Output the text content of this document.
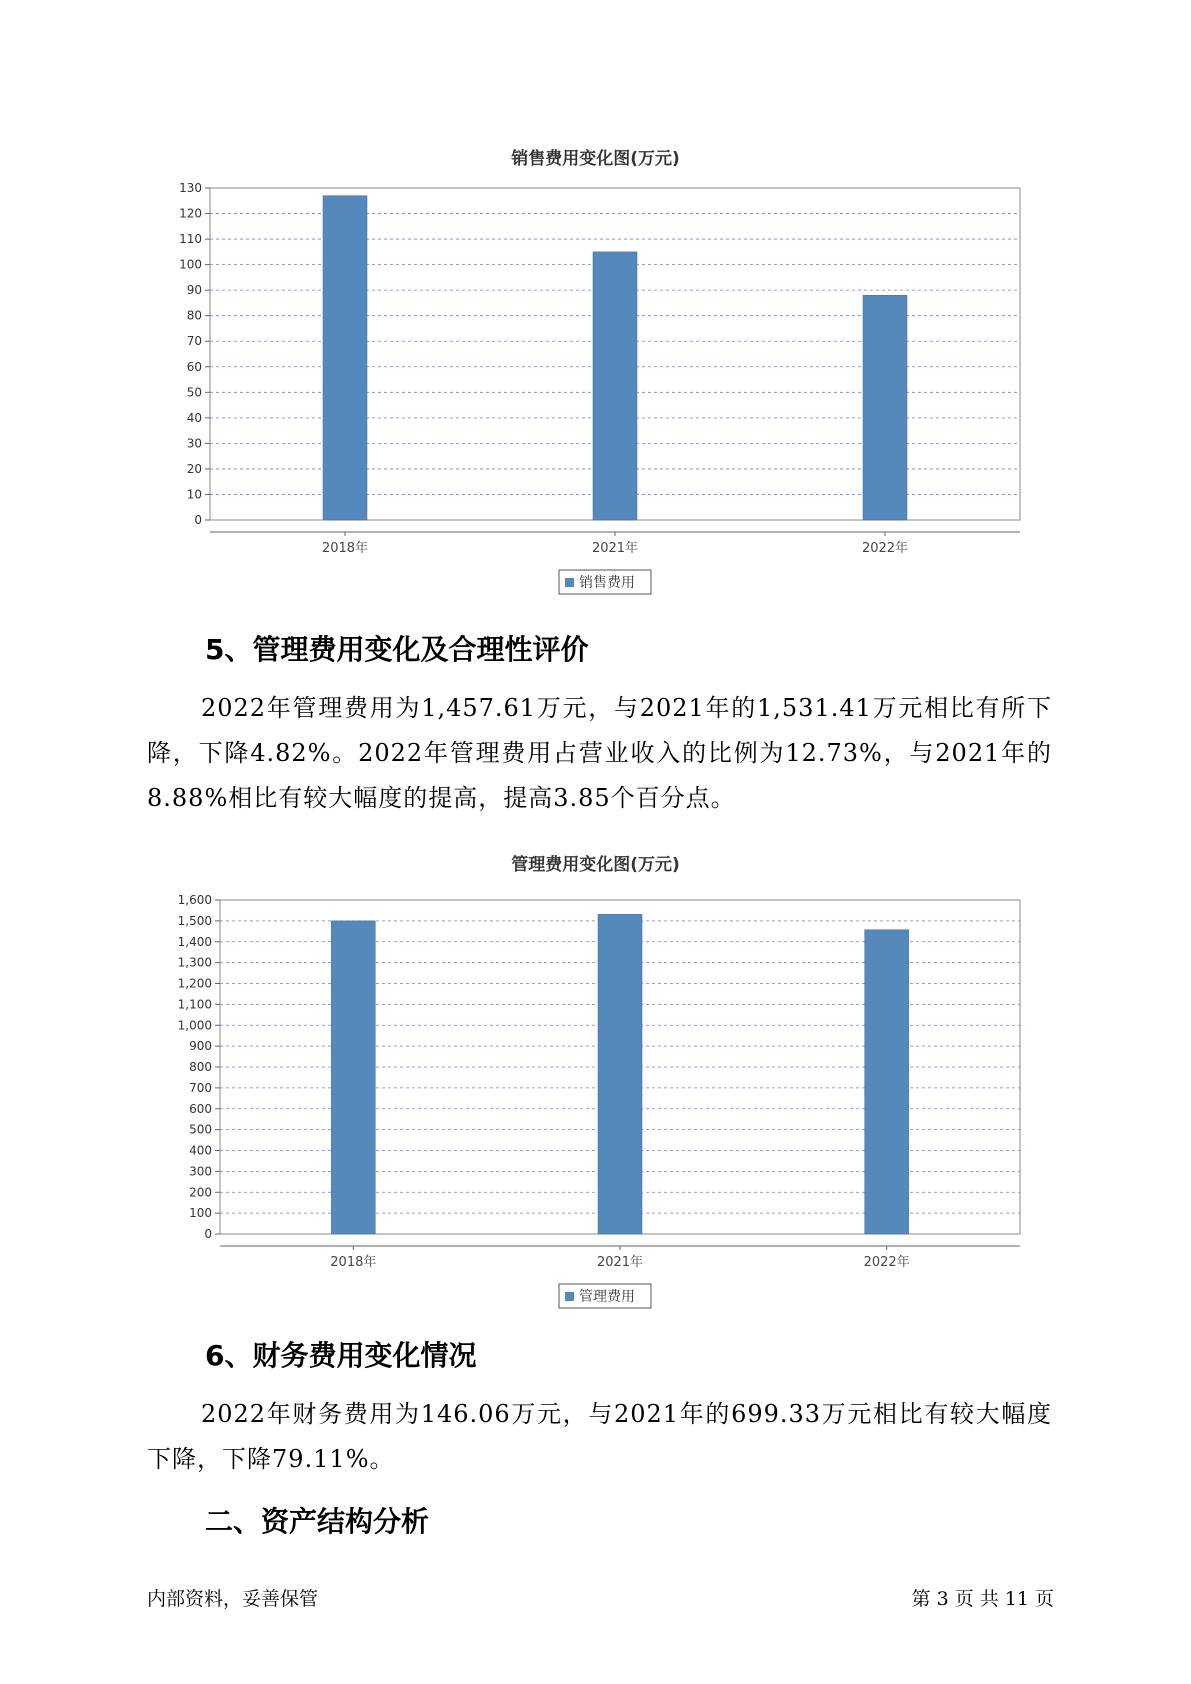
销售费用变化图(万元)
0
10
20
30
40
50
60
70
80
90
100
110
120
130
2018年	2021年	2022年
销售费用
5、管理费用变化及合理性评价

2022年管理费用为1,457.61万元，与2021年的1,531.41万元相比有所下降，下降4.82%。2022年管理费用占营业收入的比例为12.73%，与2021年的8.88%相比有较大幅度的提高，提高3.85个百分点。

管理费用变化图(万元)
0
100
200
300
400
500
600
700
800
900
1,000
1,100
1,200
1,300
1,400
1,500
1,600
2018年	2021年	2022年
管理费用
6、财务费用变化情况

2022年财务费用为146.06万元，与2021年的699.33万元相比有较大幅度下降，下降79.11%。

二、资产结构分析
内部资料，妥善保管	第 3 页 共 11 页
